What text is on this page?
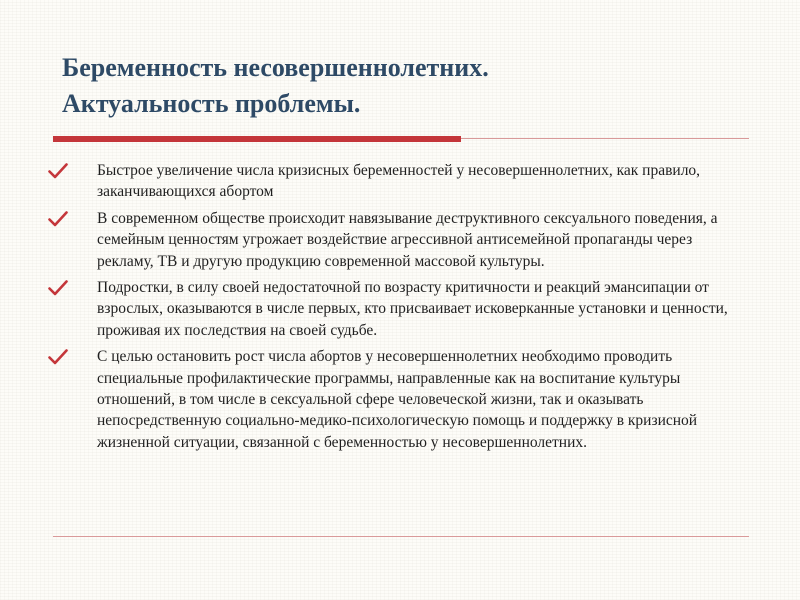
Беременность несовершеннолетних.
Актуальность проблемы.
Быстрое увеличение числа кризисных беременностей у несовершеннолетних, как правило, заканчивающихся абортом
В современном обществе происходит навязывание деструктивного сексуального поведения, а семейным ценностям угрожает воздействие агрессивной антисемейной пропаганды через рекламу, ТВ и другую продукцию современной массовой культуры.
Подростки, в силу своей недостаточной по возрасту критичности и реакций эмансипации от взрослых, оказываются в числе первых, кто присваивает исковерканные установки и ценности, проживая их последствия на своей судьбе.
С целью остановить рост числа абортов у несовершеннолетних необходимо проводить специальные профилактические программы, направленные как на воспитание культуры отношений, в том числе в сексуальной сфере человеческой жизни, так и оказывать непосредственную социально-медико-психологическую помощь и поддержку в кризисной жизненной ситуации, связанной с беременностью у несовершеннолетних.
